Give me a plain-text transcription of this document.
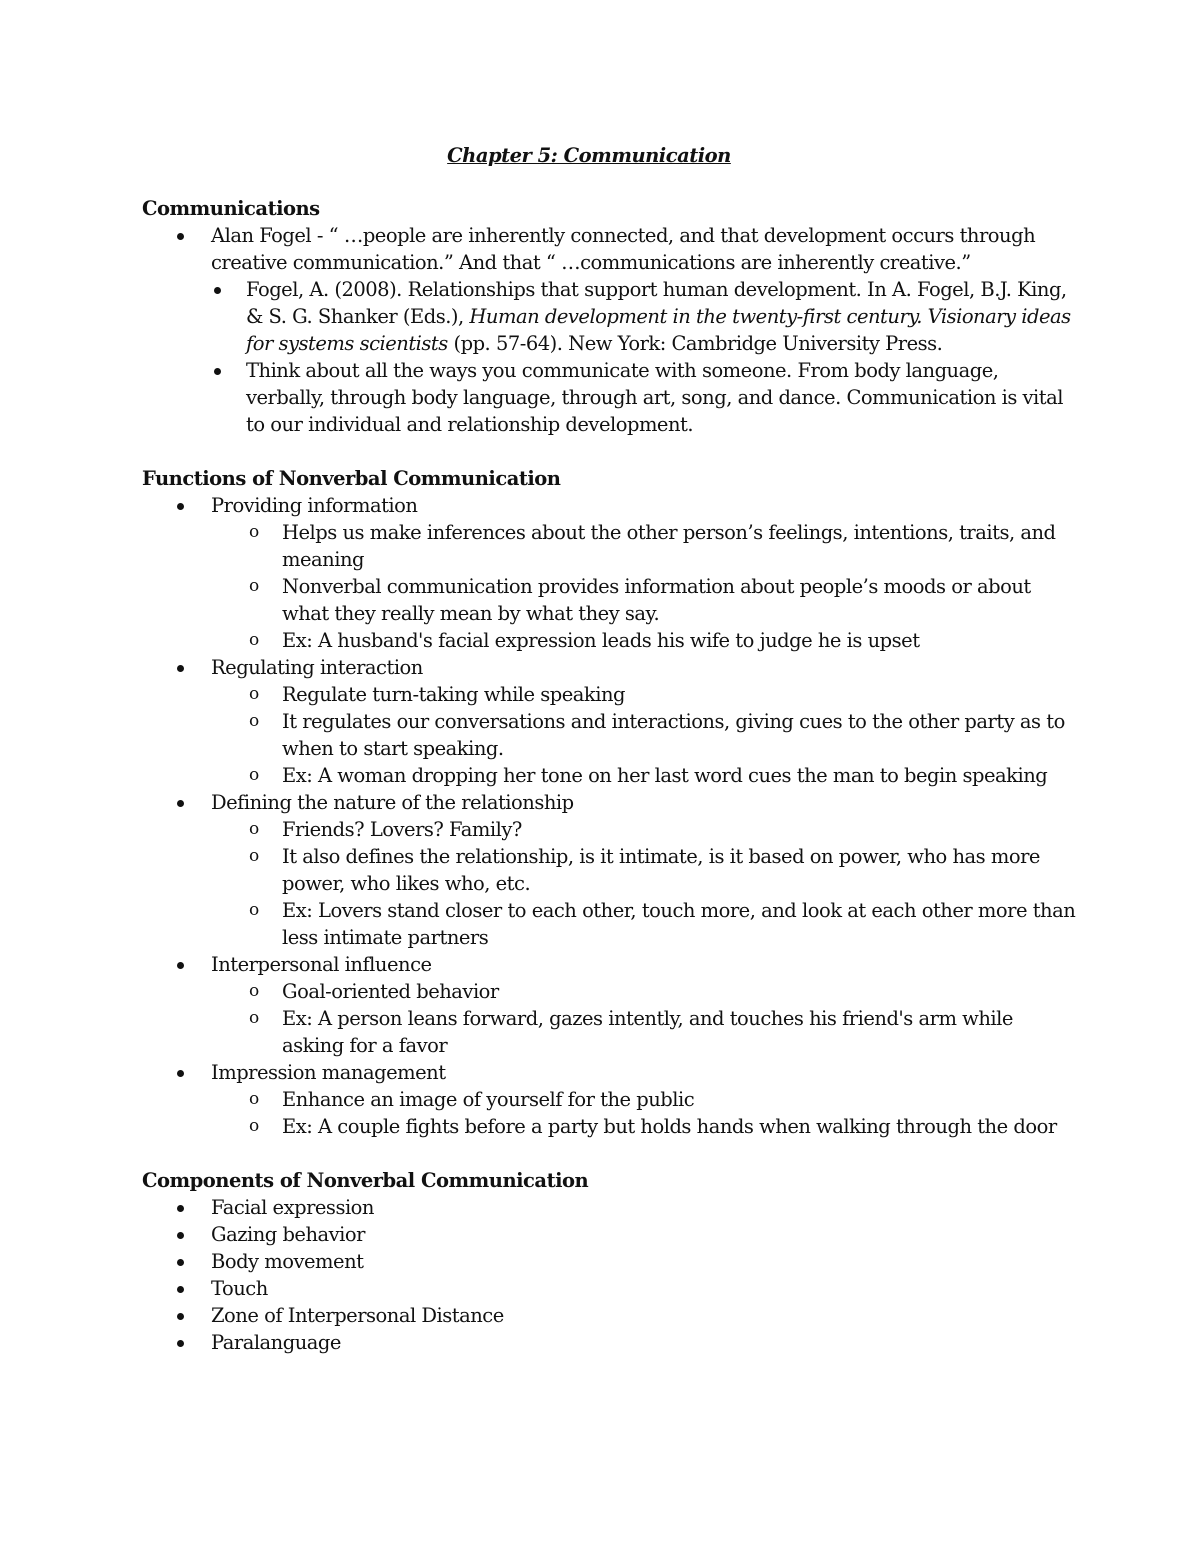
Chapter 5: Communication

Communications

Alan Fogel - “ …people are inherently connected, and that development occurs through creative communication.” And that “ …communications are inherently creative.”
Fogel, A. (2008). Relationships that support human development. In A. Fogel, B.J. King, & S. G. Shanker (Eds.), Human development in the twenty-first century. Visionary ideas for systems scientists (pp. 57-64). New York: Cambridge University Press.
Think about all the ways you communicate with someone. From body language, verbally, through body language, through art, song, and dance. Communication is vital to our individual and relationship development.

Functions of Nonverbal Communication

Providing information
o Helps us make inferences about the other person’s feelings, intentions, traits, and meaning
o Nonverbal communication provides information about people’s moods or about what they really mean by what they say.
o Ex: A husband's facial expression leads his wife to judge he is upset
Regulating interaction
o Regulate turn-taking while speaking
o It regulates our conversations and interactions, giving cues to the other party as to when to start speaking.
o Ex: A woman dropping her tone on her last word cues the man to begin speaking
Defining the nature of the relationship
o Friends? Lovers? Family?
o It also defines the relationship, is it intimate, is it based on power, who has more power, who likes who, etc.
o Ex: Lovers stand closer to each other, touch more, and look at each other more than less intimate partners
Interpersonal influence
o Goal-oriented behavior
o Ex: A person leans forward, gazes intently, and touches his friend's arm while asking for a favor
Impression management
o Enhance an image of yourself for the public
o Ex: A couple fights before a party but holds hands when walking through the door

Components of Nonverbal Communication

Facial expression
Gazing behavior
Body movement
Touch
Zone of Interpersonal Distance
Paralanguage
